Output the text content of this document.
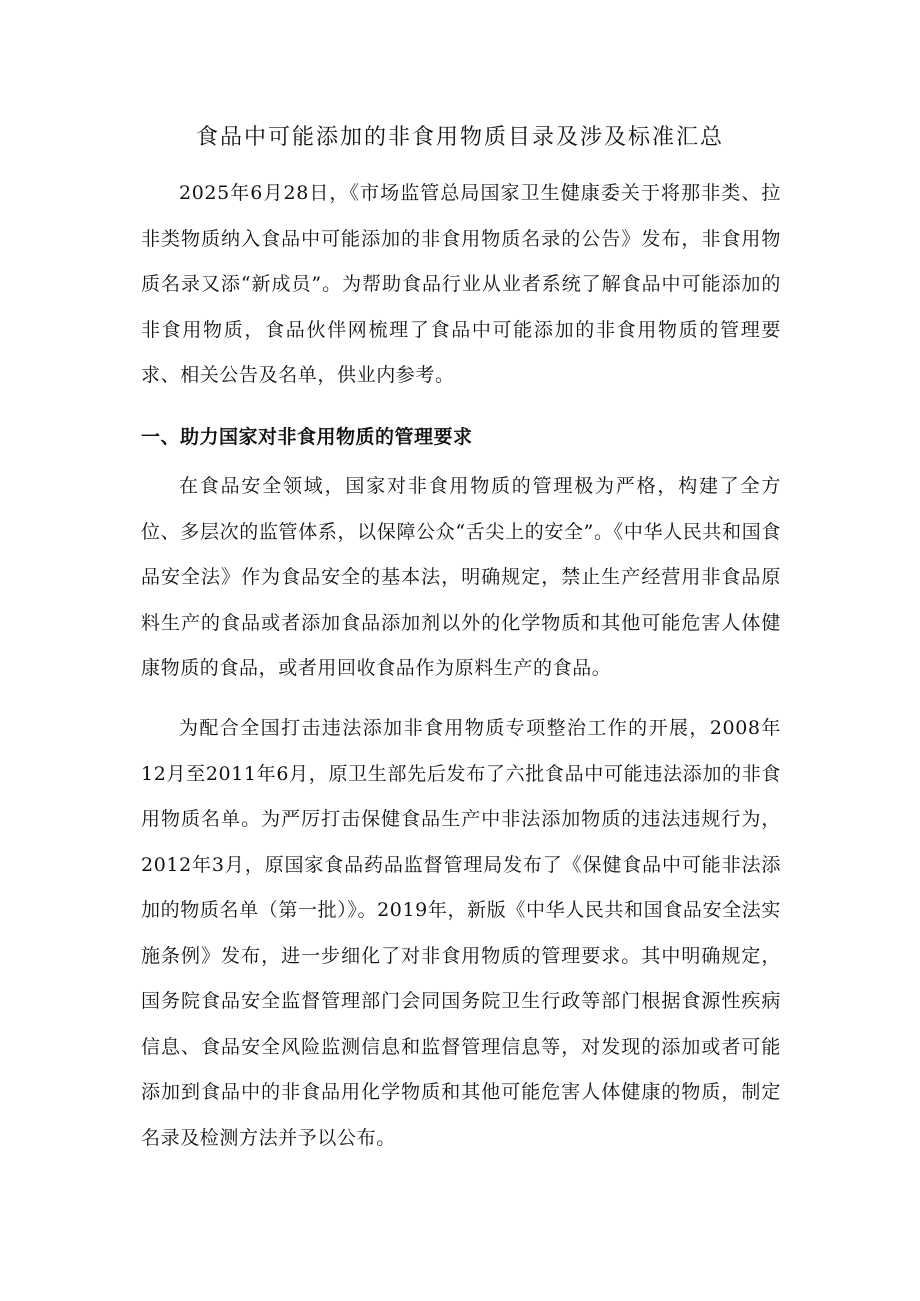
食品中可能添加的非食用物质目录及涉及标准汇总

2025年6月28日，《市场监管总局国家卫生健康委关于将那非类、拉非类物质纳入食品中可能添加的非食用物质名录的公告》发布，非食用物质名录又添“新成员”。为帮助食品行业从业者系统了解食品中可能添加的非食用物质，食品伙伴网梳理了食品中可能添加的非食用物质的管理要求、相关公告及名单，供业内参考。

一、助力国家对非食用物质的管理要求

在食品安全领域，国家对非食用物质的管理极为严格，构建了全方位、多层次的监管体系，以保障公众“舌尖上的安全”。《中华人民共和国食品安全法》作为食品安全的基本法，明确规定，禁止生产经营用非食品原料生产的食品或者添加食品添加剂以外的化学物质和其他可能危害人体健康物质的食品，或者用回收食品作为原料生产的食品。

为配合全国打击违法添加非食用物质专项整治工作的开展，2008年12月至2011年6月，原卫生部先后发布了六批食品中可能违法添加的非食用物质名单。为严厉打击保健食品生产中非法添加物质的违法违规行为，2012年3月，原国家食品药品监督管理局发布了《保健食品中可能非法添加的物质名单（第一批）》。2019年，新版《中华人民共和国食品安全法实施条例》发布，进一步细化了对非食用物质的管理要求。其中明确规定，国务院食品安全监督管理部门会同国务院卫生行政等部门根据食源性疾病信息、食品安全风险监测信息和监督管理信息等，对发现的添加或者可能添加到食品中的非食品用化学物质和其他可能危害人体健康的物质，制定名录及检测方法并予以公布。
